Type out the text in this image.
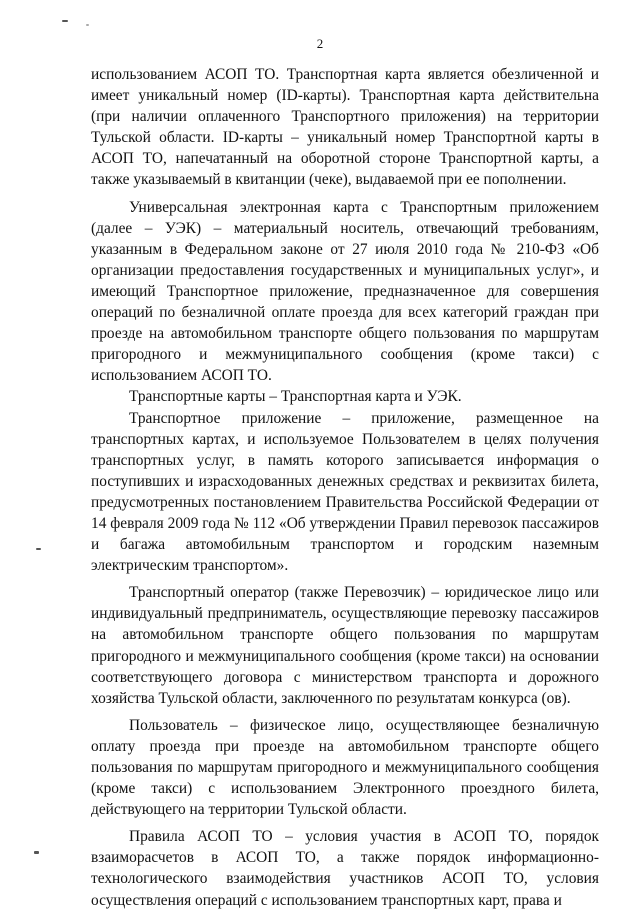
2

использованием АСОП ТО. Транспортная карта является обезличенной и имеет уникальный номер (ID-карты). Транспортная карта действительна (при наличии оплаченного Транспортного приложения) на территории Тульской области. ID-карты – уникальный номер Транспортной карты в АСОП ТО, напечатанный на оборотной стороне Транспортной карты, а также указываемый в квитанции (чеке), выдаваемой при ее пополнении.

Универсальная электронная карта с Транспортным приложением (далее – УЭК) – материальный носитель, отвечающий требованиям, указанным в Федеральном законе от 27 июля 2010 года № 210-ФЗ «Об организации предоставления государственных и муниципальных услуг», и имеющий Транспортное приложение, предназначенное для совершения операций по безналичной оплате проезда для всех категорий граждан при проезде на автомобильном транспорте общего пользования по маршрутам пригородного и межмуниципального сообщения (кроме такси) с использованием АСОП ТО.

Транспортные карты – Транспортная карта и УЭК.

Транспортное приложение – приложение, размещенное на транспортных картах, и используемое Пользователем в целях получения транспортных услуг, в память которого записывается информация о поступивших и израсходованных денежных средствах и реквизитах билета, предусмотренных постановлением Правительства Российской Федерации от 14 февраля 2009 года № 112 «Об утверждении Правил перевозок пассажиров и багажа автомобильным транспортом и городским наземным электрическим транспортом».

Транспортный оператор (также Перевозчик) – юридическое лицо или индивидуальный предприниматель, осуществляющие перевозку пассажиров на автомобильном транспорте общего пользования по маршрутам пригородного и межмуниципального сообщения (кроме такси) на основании соответствующего договора с министерством транспорта и дорожного хозяйства Тульской области, заключенного по результатам конкурса (ов).

Пользователь – физическое лицо, осуществляющее безналичную оплату проезда при проезде на автомобильном транспорте общего пользования по маршрутам пригородного и межмуниципального сообщения (кроме такси) с использованием Электронного проездного билета, действующего на территории Тульской области.

Правила АСОП ТО – условия участия в АСОП ТО, порядок взаиморасчетов в АСОП ТО, а также порядок информационно-технологического взаимодействия участников АСОП ТО, условия осуществления операций с использованием транспортных карт, права и
